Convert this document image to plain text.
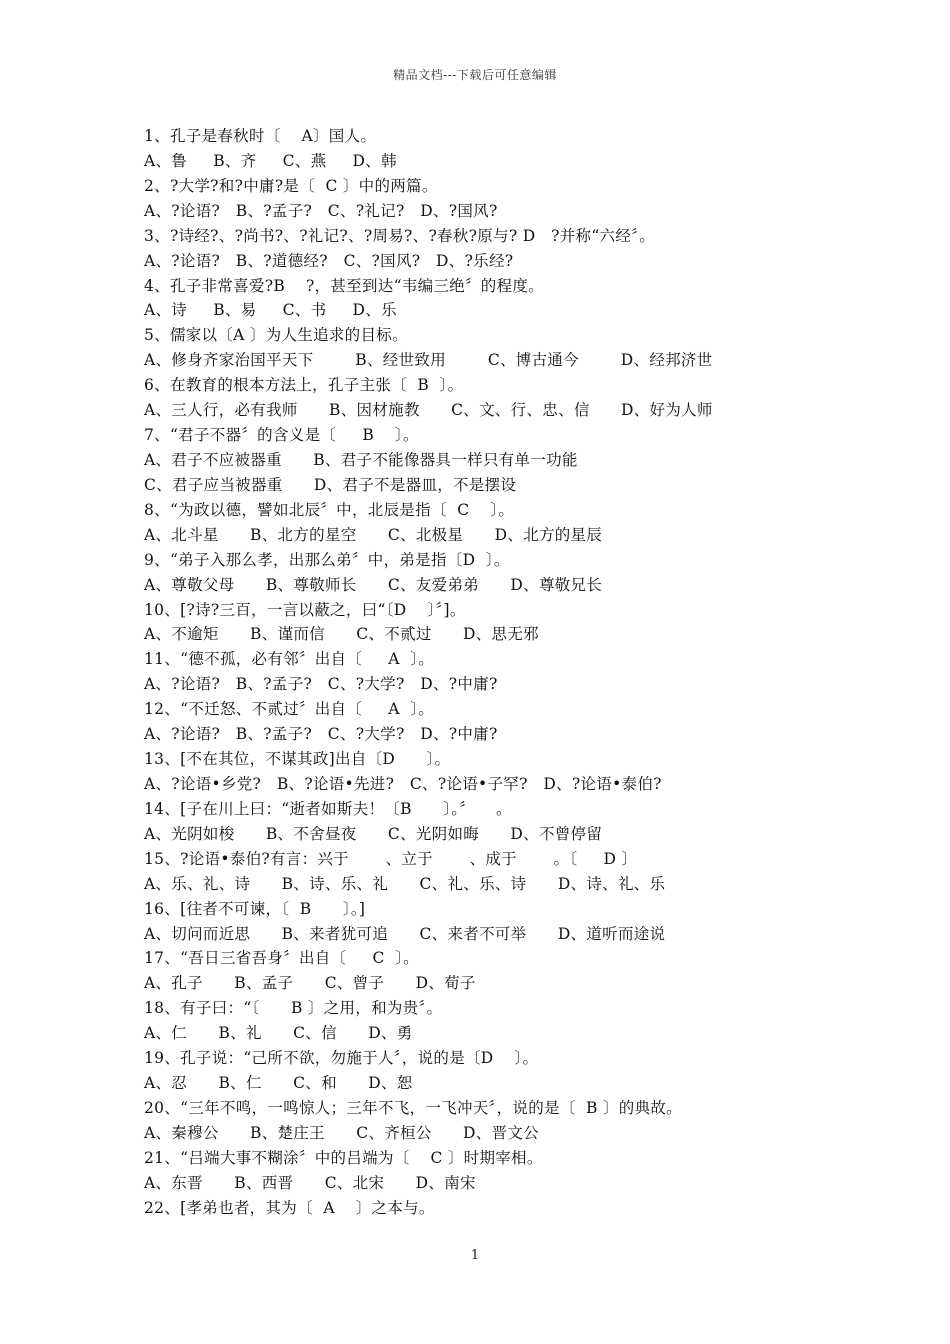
精品文档---下载后可任意编辑
1、孔子是春秋时〔    A〕国人。
A、鲁     B、齐     C、燕     D、韩
2、?大学?和?中庸?是〔  C 〕中的两篇。
A、?论语?   B、?孟子?   C、?礼记?   D、?国风?
3、?诗经?、?尚书?、?礼记?、?周易?、?春秋?原与? D   ?并称“六经〞。
A、?论语?   B、?道德经?   C、?国风?   D、?乐经?
4、孔子非常喜爱?B    ?，甚至到达“韦编三绝〞的程度。
A、诗     B、易     C、书     D、乐
5、儒家以〔A 〕为人生追求的目标。
A、修身齐家治国平天下        B、经世致用        C、博古通今        D、经邦济世
6、在教育的根本方法上，孔子主张〔  B  〕。
A、三人行，必有我师      B、因材施教      C、文、行、忠、信      D、好为人师
7、“君子不器〞的含义是〔     B    〕。
A、君子不应被器重      B、君子不能像器具一样只有单一功能
C、君子应当被器重      D、君子不是器皿，不是摆设
8、“为政以德，譬如北辰〞中，北辰是指〔  C    〕。
A、北斗星      B、北方的星空      C、北极星      D、北方的星辰
9、“弟子入那么孝，出那么弟〞中，弟是指〔D  〕。
A、尊敬父母      B、尊敬师长      C、友爱弟弟      D、尊敬兄长
10、[?诗?三百，一言以蔽之，曰“〔D    〕〞]。
A、不逾矩      B、谨而信      C、不贰过      D、思无邪
11、“德不孤，必有邻〞出自〔     A  〕。
A、?论语?   B、?孟子?   C、?大学?   D、?中庸?
12、“不迁怒、不贰过〞出自〔     A  〕。
A、?论语?   B、?孟子?   C、?大学?   D、?中庸?
13、[不在其位，不谋其政]出自〔D      〕。
A、?论语•乡党?   B、?论语•先进?   C、?论语•子罕?   D、?论语•泰伯?
14、[子在川上曰：“逝者如斯夫！〔B      〕。〞    。
A、光阴如梭      B、不舍昼夜      C、光阴如晦      D、不曾停留
15、?论语•泰伯?有言：兴于       、立于       、成于       。〔     D 〕
A、乐、礼、诗      B、诗、乐、礼      C、礼、乐、诗      D、诗、礼、乐
16、[往者不可谏，〔  B      〕。]
A、切问而近思      B、来者犹可追      C、来者不可举      D、道听而途说
17、“吾日三省吾身〞出自〔     C  〕。
A、孔子      B、孟子      C、曾子      D、荀子
18、有子曰：“〔      B 〕之用，和为贵〞。
A、仁      B、礼      C、信      D、勇
19、孔子说：“己所不欲，勿施于人〞，说的是〔D    〕。
A、忍      B、仁      C、和      D、恕
20、“三年不鸣，一鸣惊人；三年不飞，一飞冲天〞，说的是〔  B 〕的典故。
A、秦穆公      B、楚庄王      C、齐桓公      D、晋文公
21、“吕端大事不糊涂〞中的吕端为〔    C 〕时期宰相。
A、东晋      B、西晋      C、北宋      D、南宋
22、[孝弟也者，其为〔  A    〕之本与。
1
